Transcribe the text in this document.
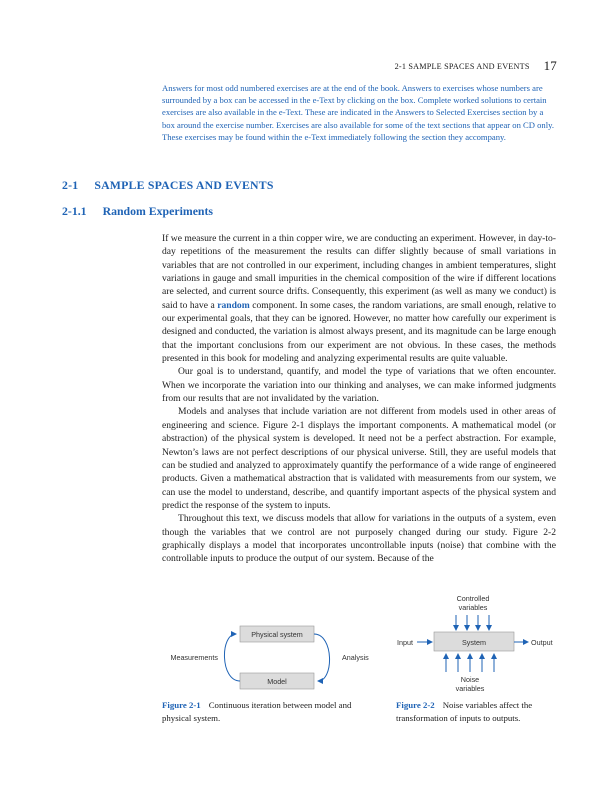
2-1 SAMPLE SPACES AND EVENTS 17

Answers for most odd numbered exercises are at the end of the book. Answers to exercises whose numbers are surrounded by a box can be accessed in the e-Text by clicking on the box. Complete worked solutions to certain exercises are also available in the e-Text. These are indicated in the Answers to Selected Exercises section by a box around the exercise number. Exercises are also available for some of the text sections that appear on CD only. These exercises may be found within the e-Text immediately following the section they accompany.

2-1 SAMPLE SPACES AND EVENTS
2-1.1 Random Experiments

If we measure the current in a thin copper wire, we are conducting an experiment. However, in day-to-day repetitions of the measurement the results can differ slightly because of small variations in variables that are not controlled in our experiment, including changes in ambient temperatures, slight variations in gauge and small impurities in the chemical composition of the wire if different locations are selected, and current source drifts. Consequently, this experiment (as well as many we conduct) is said to have a random component. In some cases, the random variations, are small enough, relative to our experimental goals, that they can be ignored. However, no matter how carefully our experiment is designed and conducted, the variation is almost always present, and its magnitude can be large enough that the important conclusions from our experiment are not obvious. In these cases, the methods presented in this book for modeling and analyzing experimental results are quite valuable.

Our goal is to understand, quantify, and model the type of variations that we often encounter. When we incorporate the variation into our thinking and analyses, we can make informed judgments from our results that are not invalidated by the variation.

Models and analyses that include variation are not different from models used in other areas of engineering and science. Figure 2-1 displays the important components. A mathematical model (or abstraction) of the physical system is developed. It need not be a perfect abstraction. For example, Newton’s laws are not perfect descriptions of our physical universe. Still, they are useful models that can be studied and analyzed to approximately quantify the performance of a wide range of engineered products. Given a mathematical abstraction that is validated with measurements from our system, we can use the model to understand, describe, and quantify important aspects of the physical system and predict the response of the system to inputs.

Throughout this text, we discuss models that allow for variations in the outputs of a system, even though the variables that we control are not purposely changed during our study. Figure 2-2 graphically displays a model that incorporates uncontrollable inputs (noise) that combine with the controllable inputs to produce the output of our system. Because of the

Physical system
Model
Measurements	Analysis
Controlled
variables
System
Input	Output
Noise
variables
Figure 2-1 Continuous iteration between model and physical system.
Figure 2-2 Noise variables affect the transformation of inputs to outputs.
